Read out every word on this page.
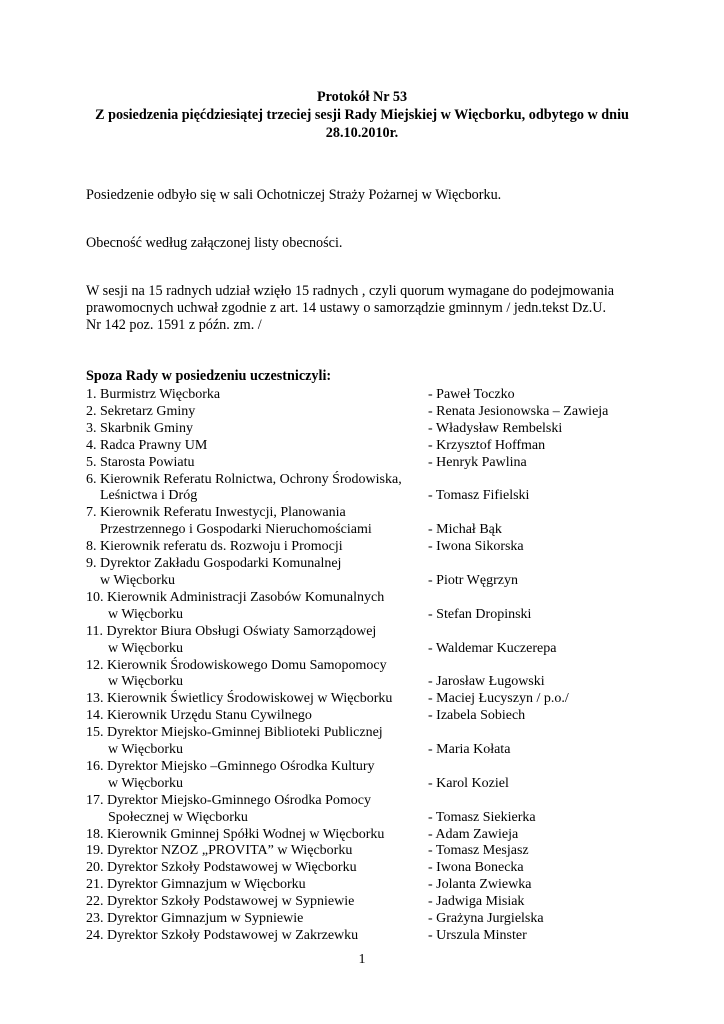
Protokół Nr 53
Z posiedzenia pięćdziesiątej trzeciej sesji Rady Miejskiej w Więcborku, odbytego w dniu
28.10.2010r.
Posiedzenie odbyło się w sali Ochotniczej Straży Pożarnej w Więcborku.
Obecność według załączonej listy obecności.
W sesji na 15 radnych udział wzięło 15 radnych , czyli quorum wymagane do podejmowania
prawomocnych uchwał zgodnie z art. 14 ustawy o samorządzie gminnym / jedn.tekst Dz.U.
Nr 142 poz. 1591 z późn. zm. /
Spoza Rady w posiedzeniu uczestniczyli:
1. Burmistrz Więcborka	- Paweł Toczko
2. Sekretarz Gminy	- Renata Jesionowska – Zawieja
3. Skarbnik Gminy	- Władysław Rembelski
4. Radca Prawny UM	- Krzysztof Hoffman
5. Starosta Powiatu	- Henryk Pawlina
6. Kierownik Referatu Rolnictwa, Ochrony Środowiska,
Leśnictwa i Dróg	- Tomasz Fifielski
7. Kierownik Referatu Inwestycji, Planowania
Przestrzennego i Gospodarki Nieruchomościami	- Michał Bąk
8. Kierownik referatu ds. Rozwoju i Promocji	- Iwona Sikorska
9. Dyrektor Zakładu Gospodarki Komunalnej
w Więcborku	- Piotr Węgrzyn
10. Kierownik Administracji Zasobów Komunalnych
w Więcborku	- Stefan Dropinski
11. Dyrektor Biura Obsługi Oświaty Samorządowej
w Więcborku	- Waldemar Kuczerepa
12. Kierownik Środowiskowego Domu Samopomocy
w Więcborku	- Jarosław Ługowski
13. Kierownik Świetlicy Środowiskowej w Więcborku	- Maciej Łucyszyn / p.o./
14. Kierownik Urzędu Stanu Cywilnego	- Izabela Sobiech
15. Dyrektor Miejsko-Gminnej Biblioteki Publicznej
w Więcborku	- Maria Kołata
16. Dyrektor Miejsko –Gminnego Ośrodka Kultury
w Więcborku	- Karol Koziel
17. Dyrektor Miejsko-Gminnego Ośrodka Pomocy
Społecznej w Więcborku	- Tomasz Siekierka
18. Kierownik Gminnej Spółki Wodnej w Więcborku	- Adam Zawieja
19. Dyrektor NZOZ „PROVITA” w Więcborku	- Tomasz Mesjasz
20. Dyrektor Szkoły Podstawowej w Więcborku	- Iwona Bonecka
21. Dyrektor Gimnazjum w Więcborku	- Jolanta Zwiewka
22. Dyrektor Szkoły Podstawowej w Sypniewie	- Jadwiga Misiak
23. Dyrektor Gimnazjum w Sypniewie	- Grażyna Jurgielska
24. Dyrektor Szkoły Podstawowej w Zakrzewku	- Urszula Minster
1
